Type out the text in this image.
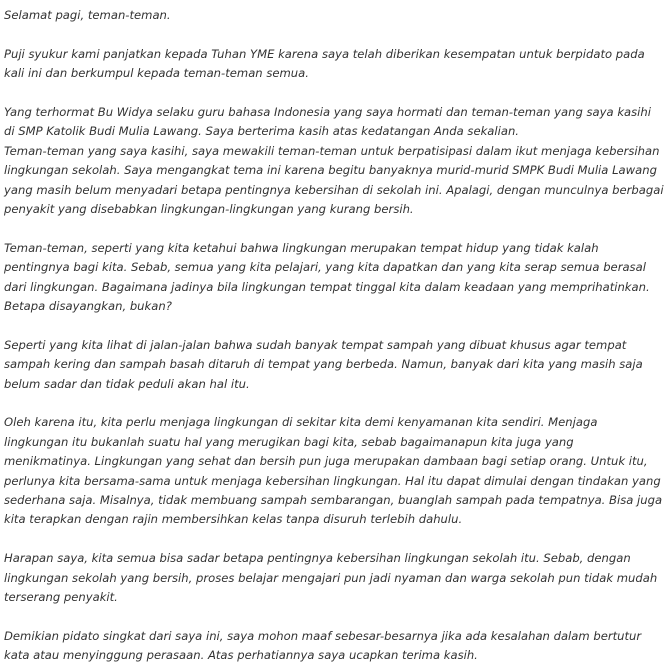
Selamat pagi, teman-teman.

Puji syukur kami panjatkan kepada Tuhan YME karena saya telah diberikan kesempatan untuk berpidato pada kali ini dan berkumpul kepada teman-teman semua.

Yang terhormat Bu Widya selaku guru bahasa Indonesia yang saya hormati dan teman-teman yang saya kasihi di SMP Katolik Budi Mulia Lawang. Saya berterima kasih atas kedatangan Anda sekalian.

Teman-teman yang saya kasihi, saya mewakili teman-teman untuk berpatisipasi dalam ikut menjaga kebersihan lingkungan sekolah. Saya mengangkat tema ini karena begitu banyaknya murid-murid SMPK Budi Mulia Lawang yang masih belum menyadari betapa pentingnya kebersihan di sekolah ini. Apalagi, dengan munculnya berbagai penyakit yang disebabkan lingkungan-lingkungan yang kurang bersih.

Teman-teman, seperti yang kita ketahui bahwa lingkungan merupakan tempat hidup yang tidak kalah pentingnya bagi kita. Sebab, semua yang kita pelajari, yang kita dapatkan dan yang kita serap semua berasal dari lingkungan. Bagaimana jadinya bila lingkungan tempat tinggal kita dalam keadaan yang memprihatinkan. Betapa disayangkan, bukan?

Seperti yang kita lihat di jalan-jalan bahwa sudah banyak tempat sampah yang dibuat khusus agar tempat sampah kering dan sampah basah ditaruh di tempat yang berbeda. Namun, banyak dari kita yang masih saja belum sadar dan tidak peduli akan hal itu.

Oleh karena itu, kita perlu menjaga lingkungan di sekitar kita demi kenyamanan kita sendiri. Menjaga lingkungan itu bukanlah suatu hal yang merugikan bagi kita, sebab bagaimanapun kita juga yang menikmatinya. Lingkungan yang sehat dan bersih pun juga merupakan dambaan bagi setiap orang. Untuk itu, perlunya kita bersama-sama untuk menjaga kebersihan lingkungan. Hal itu dapat dimulai dengan tindakan yang sederhana saja. Misalnya, tidak membuang sampah sembarangan, buanglah sampah pada tempatnya. Bisa juga kita terapkan dengan rajin membersihkan kelas tanpa disuruh terlebih dahulu.

Harapan saya, kita semua bisa sadar betapa pentingnya kebersihan lingkungan sekolah itu. Sebab, dengan lingkungan sekolah yang bersih, proses belajar mengajari pun jadi nyaman dan warga sekolah pun tidak mudah terserang penyakit.

Demikian pidato singkat dari saya ini, saya mohon maaf sebesar-besarnya jika ada kesalahan dalam bertutur kata atau menyinggung perasaan. Atas perhatiannya saya ucapkan terima kasih.
